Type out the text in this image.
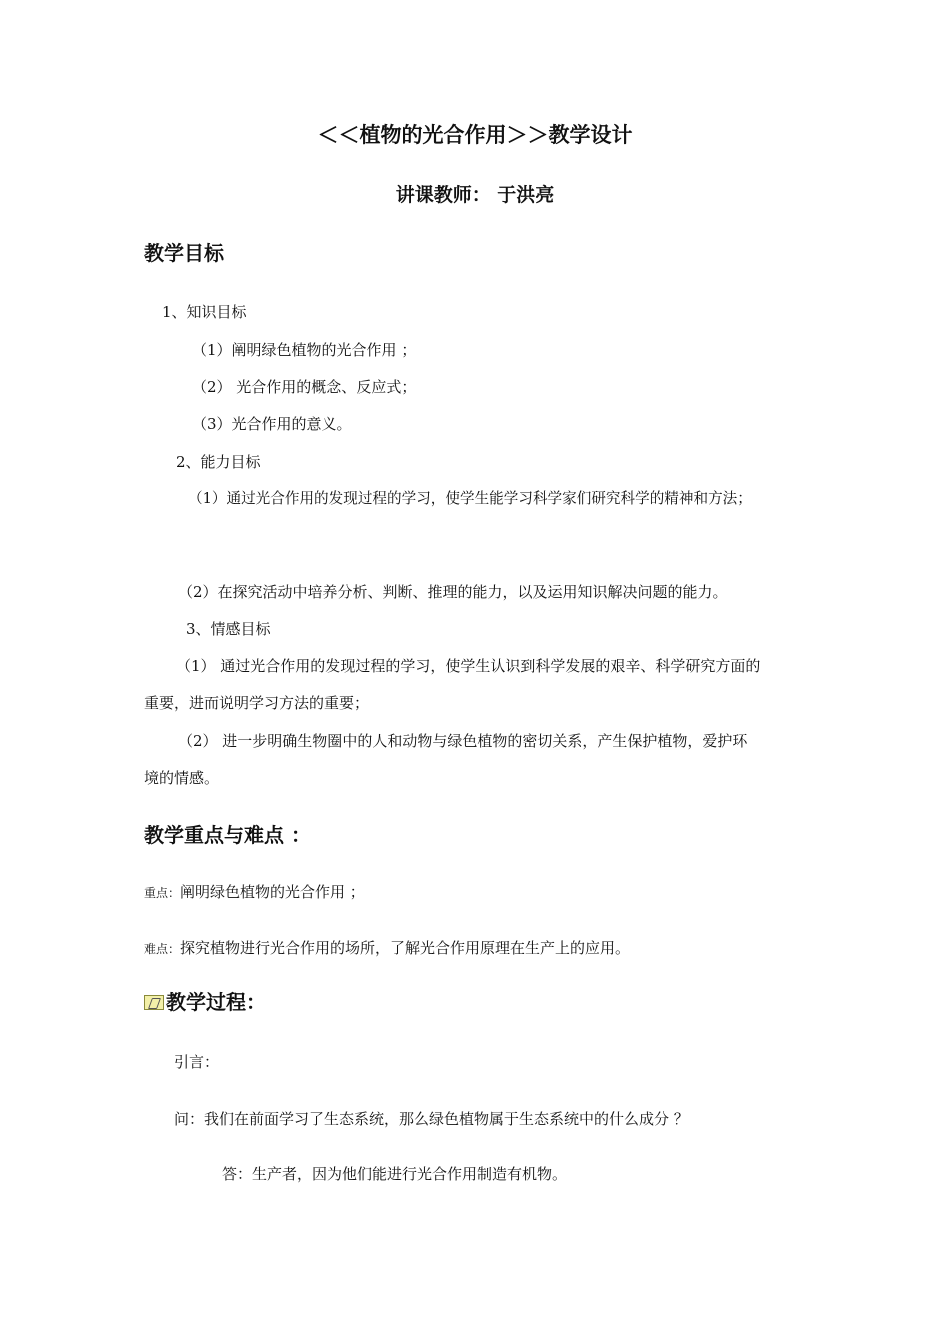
＜＜植物的光合作用＞＞教学设计
讲课教师： 于洪亮
教学目标
1、知识目标
（1）阐明绿色植物的光合作用 ；
（2） 光合作用的概念、反应式；
（3）光合作用的意义。
2、能力目标
（1）通过光合作用的发现过程的学习，使学生能学习科学家们研究科学的精神和方法；
（2）在探究活动中培养分析、判断、推理的能力，以及运用知识解决问题的能力。
3、情感目标
（1） 通过光合作用的发现过程的学习，使学生认识到科学发展的艰辛、科学研究方面的
重要，进而说明学习方法的重要；
（2） 进一步明确生物圈中的人和动物与绿色植物的密切关系，产生保护植物，爱护环
境的情感。
教学重点与难点 ：
重点：阐明绿色植物的光合作用 ；
难点：探究植物进行光合作用的场所，了解光合作用原理在生产上的应用。
教学过程：
引言：
问：我们在前面学习了生态系统，那么绿色植物属于生态系统中的什么成分 ？
答：生产者，因为他们能进行光合作用制造有机物。
